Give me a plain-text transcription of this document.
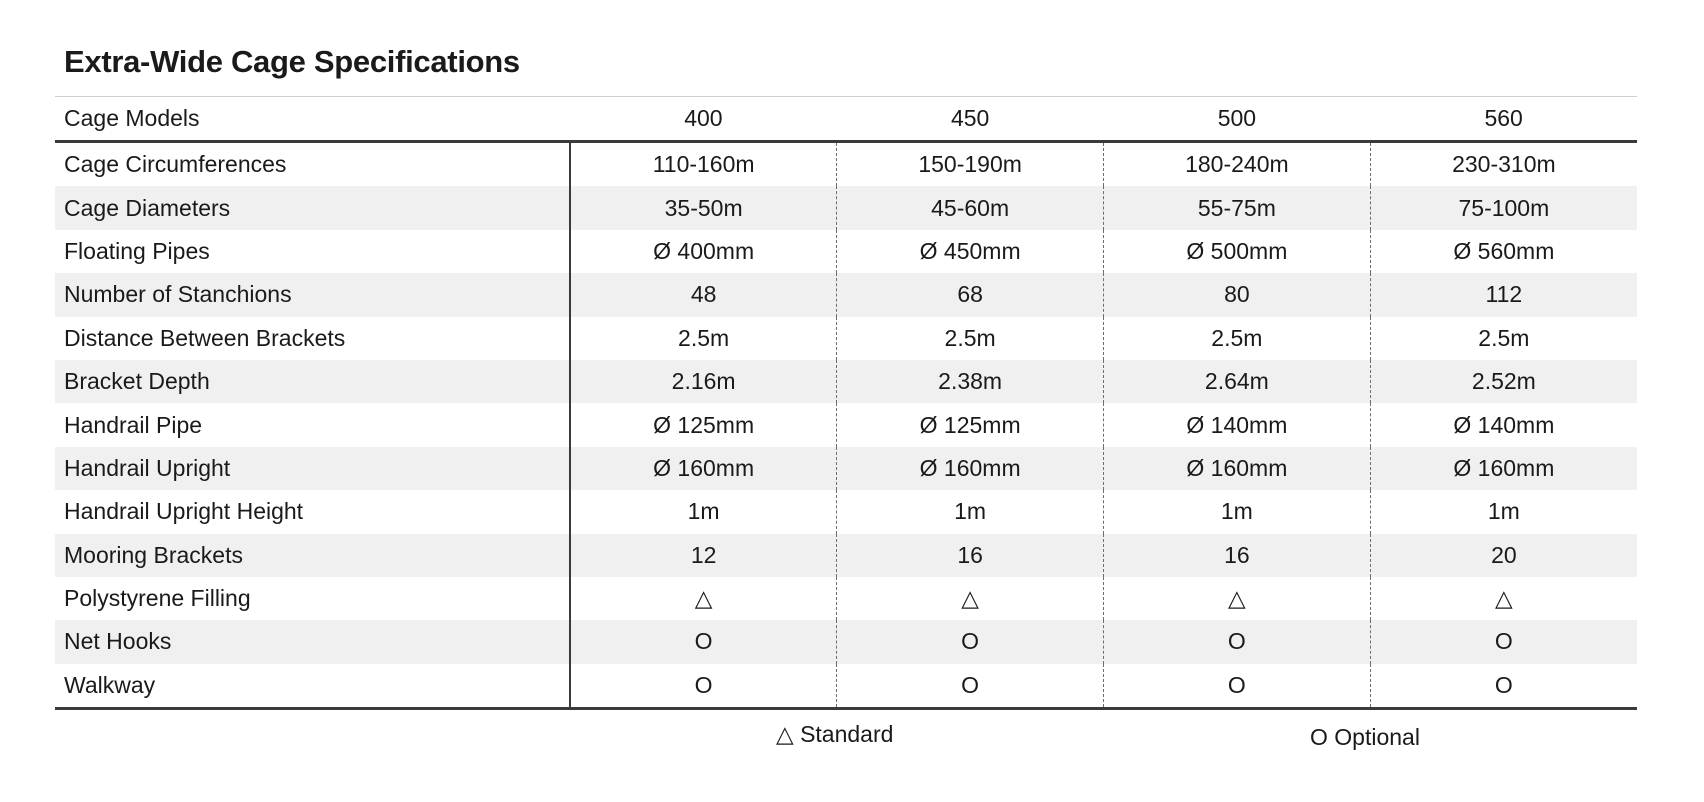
Extra-Wide Cage Specifications
Cage Models	400	450	500	560
Cage Circumferences	110-160m	150-190m	180-240m	230-310m
Cage Diameters	35-50m	45-60m	55-75m	75-100m
Floating Pipes	Ø 400mm	Ø 450mm	Ø 500mm	Ø 560mm
Number of Stanchions	48	68	80	112
Distance Between Brackets	2.5m	2.5m	2.5m	2.5m
Bracket Depth	2.16m	2.38m	2.64m	2.52m
Handrail Pipe	Ø 125mm	Ø 125mm	Ø 140mm	Ø 140mm
Handrail Upright	Ø 160mm	Ø 160mm	Ø 160mm	Ø 160mm
Handrail Upright Height	1m	1m	1m	1m
Mooring Brackets	12	16	16	20
Polystyrene Filling	△	△	△	△
Net Hooks	O	O	O	O
Walkway	O	O	O	O
△ Standard	O Optional
